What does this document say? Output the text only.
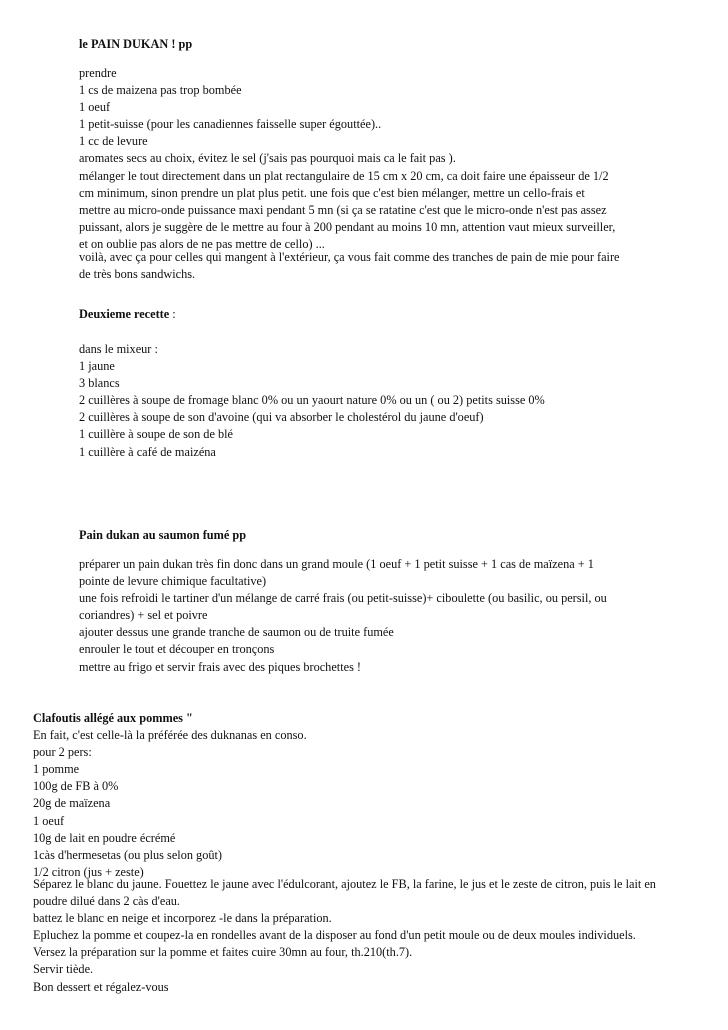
le PAIN DUKAN ! pp
prendre
1 cs de maizena pas trop bombée
1 oeuf
1 petit-suisse (pour les canadiennes faisselle super égouttée)..
1 cc de levure
aromates secs au choix, évitez le sel (j'sais pas pourquoi mais ca le fait pas ).
mélanger le tout directement dans un plat rectangulaire de 15 cm x 20 cm, ca doit faire une épaisseur de 1/2
cm minimum, sinon prendre un plat plus petit. une fois que c'est bien mélanger, mettre un cello-frais et
mettre au micro-onde puissance maxi pendant 5 mn (si ça se ratatine c'est que le micro-onde n'est pas assez
puissant, alors je suggère de le mettre au four à 200 pendant au moins 10 mn, attention vaut mieux surveiller,
et on oublie pas alors de ne pas mettre de cello) ...
voilà, avec ça pour celles qui mangent à l'extérieur, ça vous fait comme des tranches de pain de mie pour faire
de très bons sandwichs.
Deuxieme recette :
dans le mixeur :
1 jaune
3 blancs
2 cuillères à soupe de fromage blanc 0% ou un yaourt nature 0% ou un ( ou 2) petits suisse 0%
2 cuillères à soupe de son d'avoine (qui va absorber le cholestérol du jaune d'oeuf)
1 cuillère à soupe de son de blé
1 cuillère à café de maizéna
Pain dukan au saumon fumé pp
préparer un pain dukan très fin donc dans un grand moule (1 oeuf + 1 petit suisse + 1 cas de maïzena + 1
pointe de levure chimique facultative)
une fois refroidi le tartiner d'un mélange de carré frais (ou petit-suisse)+ ciboulette (ou basilic, ou persil, ou
coriandres) + sel et poivre
ajouter dessus une grande tranche de saumon ou de truite fumée
enrouler le tout et découper en tronçons
mettre au frigo et servir frais avec des piques brochettes !
Clafoutis allégé aux pommes "
En fait, c'est celle-là la préférée des duknanas en conso.
pour 2 pers:
1 pomme
100g de FB à 0%
20g de maïzena
1 oeuf
10g de lait en poudre écrémé
1càs d'hermesetas (ou plus selon goût)
1/2 citron (jus + zeste)
Séparez le blanc du jaune. Fouettez le jaune avec l'édulcorant, ajoutez le FB, la farine, le jus et le zeste de citron, puis le lait en
poudre dilué dans 2 càs d'eau.
battez le blanc en neige et incorporez -le dans la préparation.
Epluchez la pomme et coupez-la en rondelles avant de la disposer au fond d'un petit moule ou de deux moules individuels.
Versez la préparation sur la pomme et faites cuire 30mn au four, th.210(th.7).
Servir tiède.
Bon dessert et régalez-vous
